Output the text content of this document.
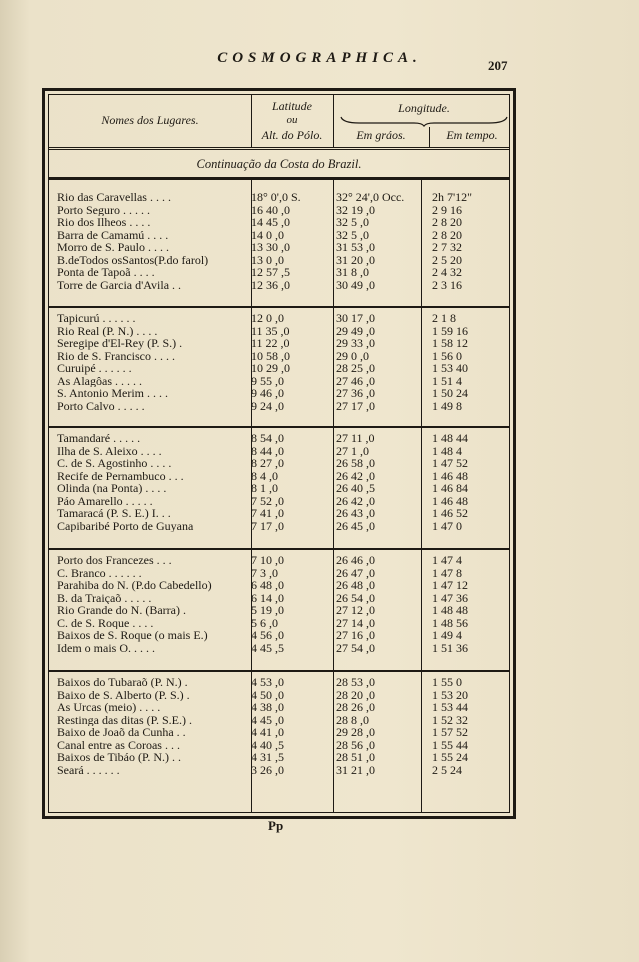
COSMOGRAPHICA.	207
Nomes dos Lugares.
Latitude
ou
Alt. do Pólo.
Longitude.
Em gráos.	Em tempo.
Continuação da Costa do Brazil.
Rio das Caravellas . . . .	18° 0',0 S.	32° 24',0 Occ.	2h 7'12"
Porto Seguro . . . . .	16 40 ,0	32 19 ,0	2 9 16
Rio dos Ilheos . . . .	14 45 ,0	32 5 ,0	2 8 20
Barra de Camamú . . . .	14 0 ,0	32 5 ,0	2 8 20
Morro de S. Paulo . . . .	13 30 ,0	31 53 ,0	2 7 32
B.deTodos osSantos(P.do farol)	13 0 ,0	31 20 ,0	2 5 20
Ponta de Tapoã . . . .	12 57 ,5	31 8 ,0	2 4 32
Torre de Garcia d'Avila . .	12 36 ,0	30 49 ,0	2 3 16
Tapicurú . . . . . .	12 0 ,0	30 17 ,0	2 1 8
Rio Real (P. N.) . . . .	11 35 ,0	29 49 ,0	1 59 16
Seregipe d'El-Rey (P. S.) .	11 22 ,0	29 33 ,0	1 58 12
Rio de S. Francisco . . . .	10 58 ,0	29 0 ,0	1 56 0
Curuipé . . . . . .	10 29 ,0	28 25 ,0	1 53 40
As Alagôas . . . . .	9 55 ,0	27 46 ,0	1 51 4
S. Antonio Merim . . . .	9 46 ,0	27 36 ,0	1 50 24
Porto Calvo . . . . .	9 24 ,0	27 17 ,0	1 49 8
Tamandaré . . . . .	8 54 ,0	27 11 ,0	1 48 44
Ilha de S. Aleixo . . . .	8 44 ,0	27 1 ,0	1 48 4
C. de S. Agostinho . . . .	8 27 ,0	26 58 ,0	1 47 52
Recife de Pernambuco . . .	8 4 ,0	26 42 ,0	1 46 48
Olinda (na Ponta) . . . .	8 1 ,0	26 40 ,5	1 46 84
Páo Amarello . . . . .	7 52 ,0	26 42 ,0	1 46 48
Tamaracá (P. S. E.) I. . .	7 41 ,0	26 43 ,0	1 46 52
Capibaribé Porto de Guyana	7 17 ,0	26 45 ,0	1 47 0
Porto dos Francezes . . .	7 10 ,0	26 46 ,0	1 47 4
C. Branco . . . . . .	7 3 ,0	26 47 ,0	1 47 8
Parahiba do N. (P.do Cabedello)	6 48 ,0	26 48 ,0	1 47 12
B. da Traiçaõ . . . . .	6 14 ,0	26 54 ,0	1 47 36
Rio Grande do N. (Barra) .	5 19 ,0	27 12 ,0	1 48 48
C. de S. Roque . . . .	5 6 ,0	27 14 ,0	1 48 56
Baixos de S. Roque (o mais E.)	4 56 ,0	27 16 ,0	1 49 4
Idem o mais O. . . . .	4 45 ,5	27 54 ,0	1 51 36
Baixos do Tubaraõ (P. N.) .	4 53 ,0	28 53 ,0	1 55 0
Baixo de S. Alberto (P. S.) .	4 50 ,0	28 20 ,0	1 53 20
As Urcas (meio) . . . .	4 38 ,0	28 26 ,0	1 53 44
Restinga das ditas (P. S.E.) .	4 45 ,0	28 8 ,0	1 52 32
Baixo de Joaõ da Cunha . .	4 41 ,0	29 28 ,0	1 57 52
Canal entre as Coroas . . .	4 40 ,5	28 56 ,0	1 55 44
Baixos de Tibáo (P. N.) . .	4 31 ,5	28 51 ,0	1 55 24
Seará . . . . . .	3 26 ,0	31 21 ,0	2 5 24
Pp
